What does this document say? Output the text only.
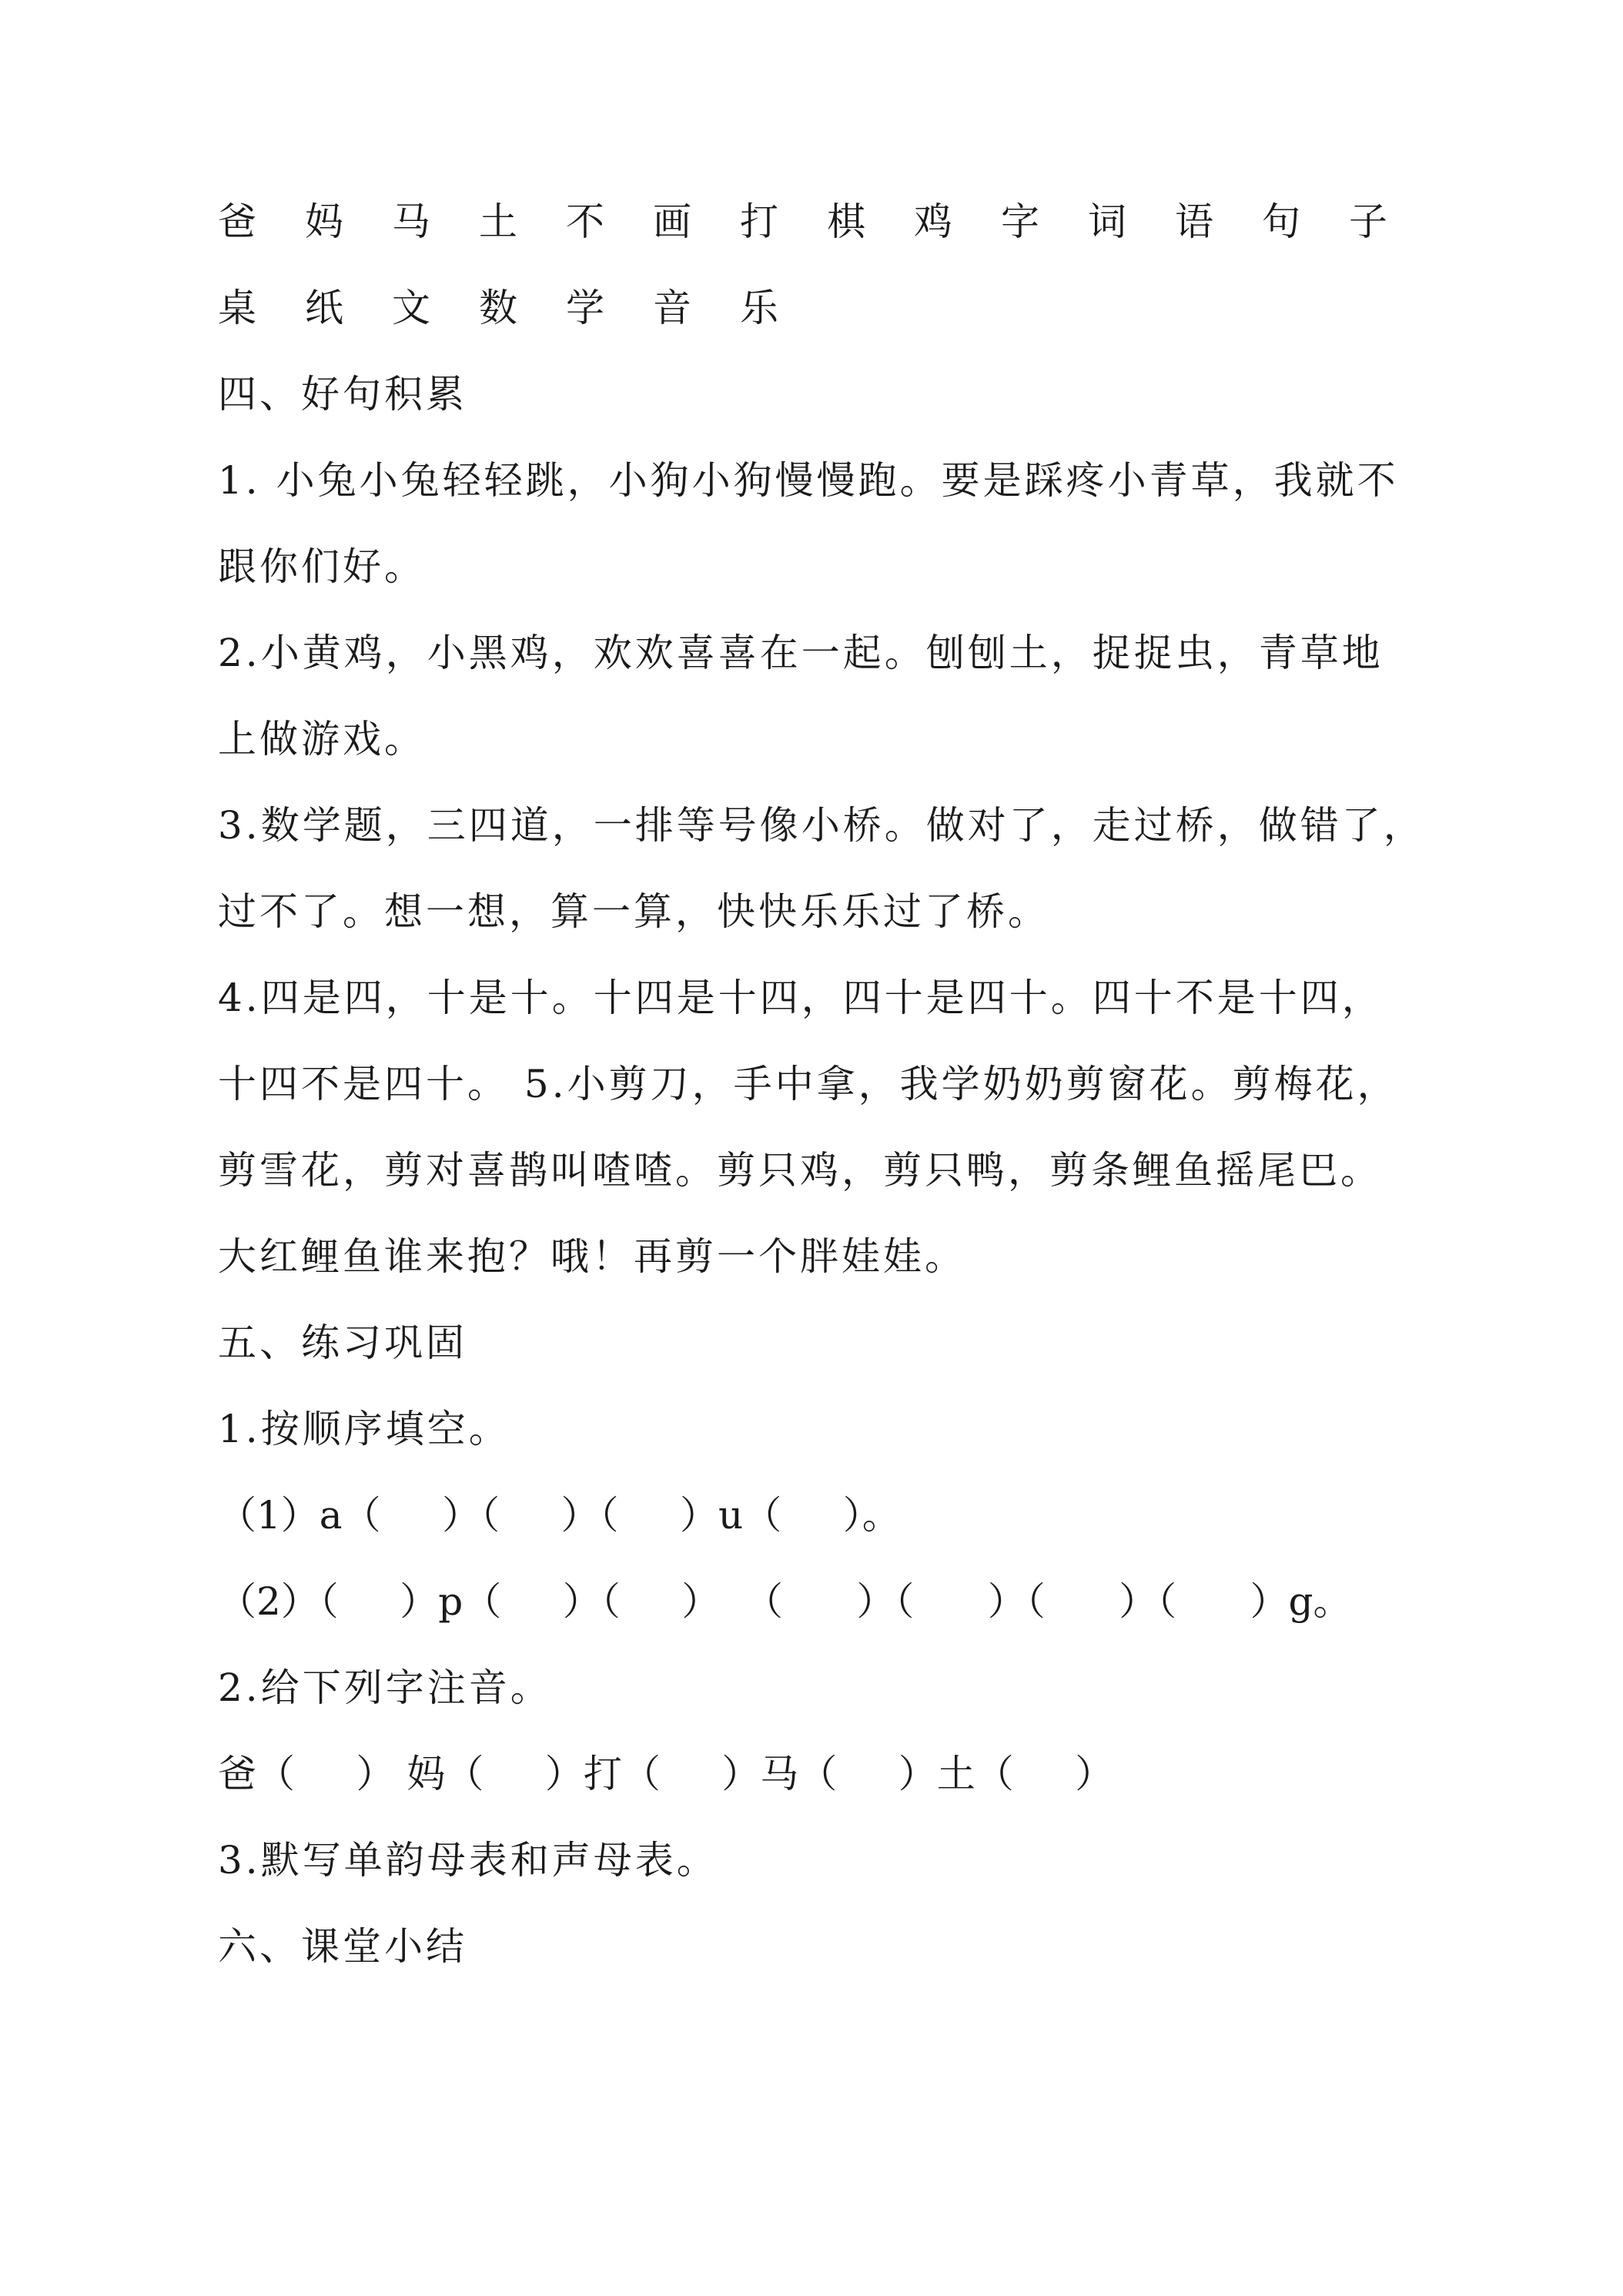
爸	妈	马	土	不	画	打	棋	鸡	字	词	语	句	子
桌	纸	文	数	学	音	乐
四、好句积累
1. 小兔小兔轻轻跳，小狗小狗慢慢跑。要是踩疼小青草，我就不
跟你们好。
2.小黄鸡，小黑鸡，欢欢喜喜在一起。刨刨土，捉捉虫，青草地
上做游戏。
3.数学题，三四道，一排等号像小桥。做对了，走过桥，做错了，
过不了。想一想，算一算，快快乐乐过了桥。
4.四是四，十是十。十四是十四，四十是四十。四十不是十四，
十四不是四十。 5.小剪刀，手中拿，我学奶奶剪窗花。剪梅花，
剪雪花，剪对喜鹊叫喳喳。剪只鸡，剪只鸭，剪条鲤鱼摇尾巴。
大红鲤鱼谁来抱？哦！再剪一个胖娃娃。
五、练习巩固
1.按顺序填空。
（1）a（     ）（     ）（     ）u（     ）。
（2）（     ）p（     ）（     ）  （      ）（      ）（      ）（      ）g。
2.给下列字注音。
爸（     ） 妈（     ）打（     ）马（     ）土（     ）
3.默写单韵母表和声母表。
六、课堂小结
